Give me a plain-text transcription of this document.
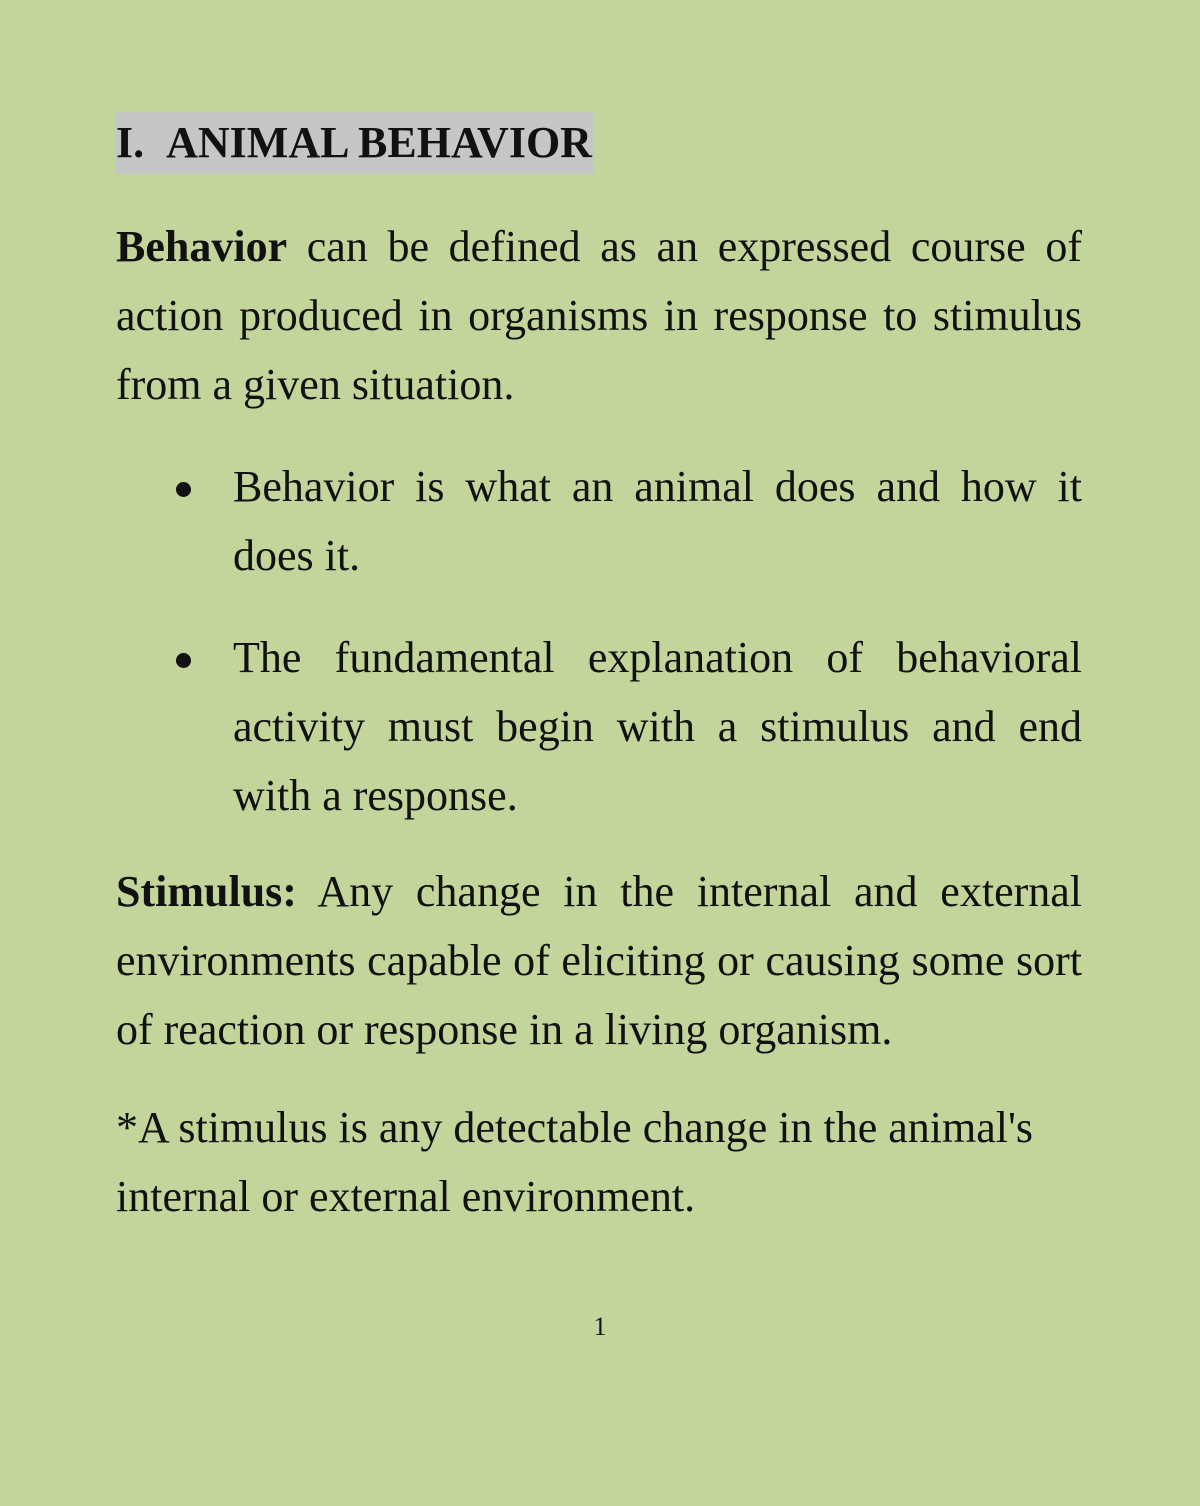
I. ANIMAL BEHAVIOR

Behavior can be defined as an expressed course of action produced in organisms in response to stimulus from a given situation.

Behavior is what an animal does and how it does it.
The fundamental explanation of behavioral activity must begin with a stimulus and end with a response.

Stimulus: Any change in the internal and external environments capable of eliciting or causing some sort of reaction or response in a living organism.

*A stimulus is any detectable change in the animal's internal or external environment.

1
